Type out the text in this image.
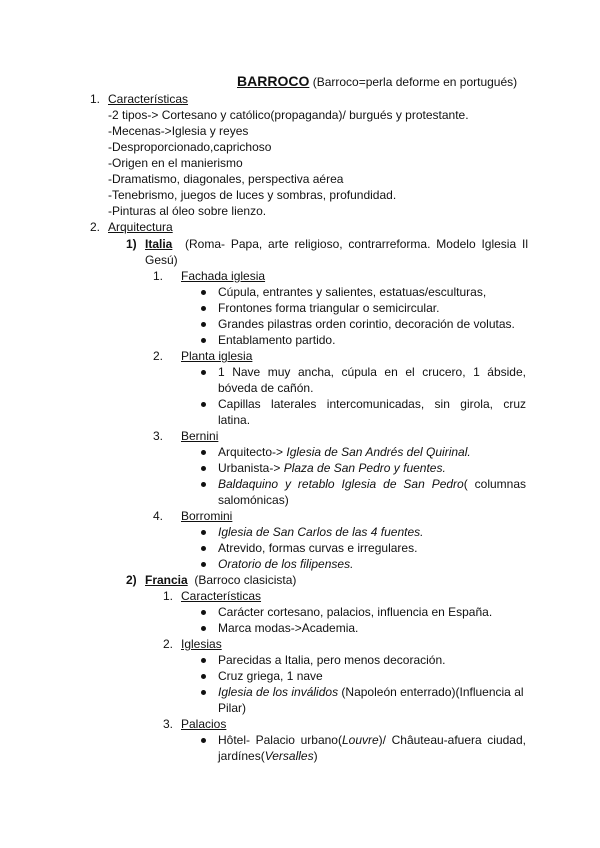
BARROCO (Barroco=perla deforme en portugués)
1. Características
-2 tipos-> Cortesano y católico(propaganda)/ burgués y protestante.
-Mecenas->Iglesia y reyes
-Desproporcionado,caprichoso
-Origen en el manierismo
-Dramatismo, diagonales, perspectiva aérea
-Tenebrismo, juegos de luces y sombras, profundidad.
-Pinturas al óleo sobre lienzo.
2. Arquitectura
1) Italia (Roma- Papa, arte religioso, contrarreforma. Modelo Iglesia Il
Gesú)
1. Fachada iglesia
Cúpula, entrantes y salientes, estatuas/esculturas,
Frontones forma triangular o semicircular.
Grandes pilastras orden corintio, decoración de volutas.
Entablamento partido.
2. Planta iglesia
1 Nave muy ancha, cúpula en el crucero, 1 ábside,
bóveda de cañón.
Capillas laterales intercomunicadas, sin girola, cruz
latina.
3. Bernini
Arquitecto-> Iglesia de San Andrés del Quirinal.
Urbanista-> Plaza de San Pedro y fuentes.
Baldaquino y retablo Iglesia de San Pedro( columnas
salomónicas)
4. Borromini
Iglesia de San Carlos de las 4 fuentes.
Atrevido, formas curvas e irregulares.
Oratorio de los filipenses.
2) Francia (Barroco clasicista)
1. Características
Carácter cortesano, palacios, influencia en España.
Marca modas->Academia.
2. Iglesias
Parecidas a Italia, pero menos decoración.
Cruz griega, 1 nave
Iglesia de los inválidos (Napoleón enterrado)(Influencia al
Pilar)
3. Palacios
Hôtel- Palacio urbano(Louvre)/ Châuteau-afuera ciudad,
jardínes(Versalles)
